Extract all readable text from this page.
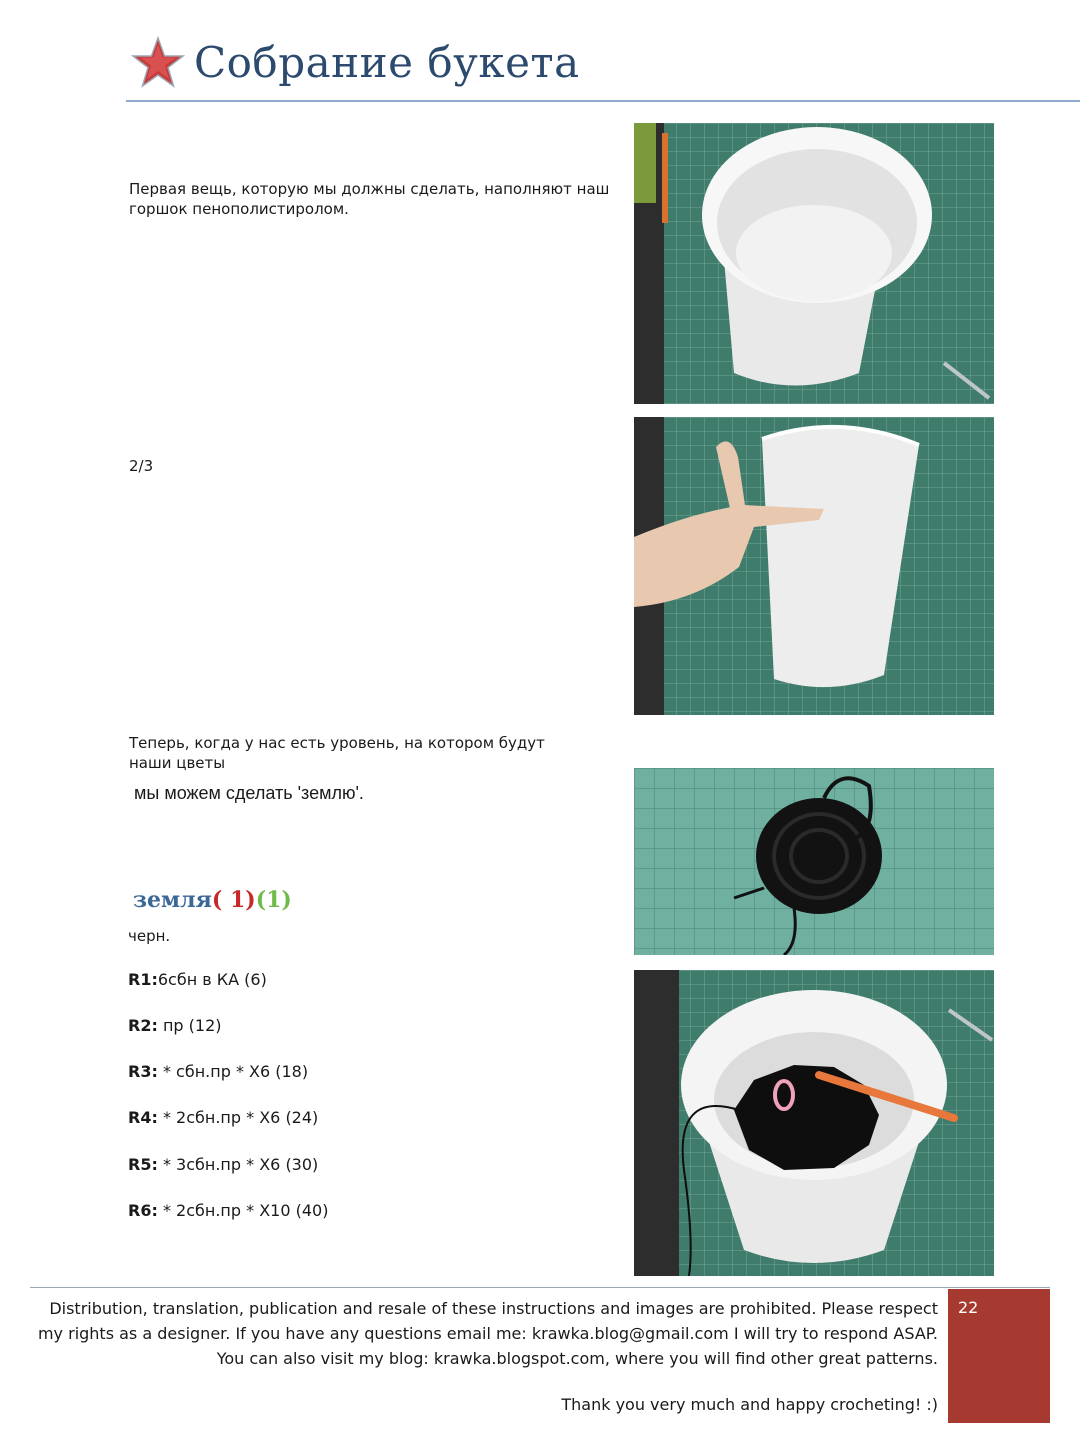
Собрание букета
Первая вещь, которую мы должны сделать, наполняют наш горшок пенополистиролом.
2/3
Теперь, когда у нас есть уровень, на котором будут наши цветы
мы можем сделать 'землю'.
земля( 1)(1)
черн.
R1:6сбн в КА (6)
R2: пр (12)
R3: * сбн.пр * X6 (18)
R4: * 2сбн.пр * X6 (24)
R5: * 3сбн.пр * X6 (30)
R6: * 2сбн.пр * X10 (40)
Distribution, translation, publication and resale of these instructions and images are prohibited. Please respect my rights as a designer. If you have any questions email me: krawka.blog@gmail.com I will try to respond ASAP. You can also visit my blog: krawka.blogspot.com, where you will find other great patterns.
Thank you very much and happy crocheting! :)
22
